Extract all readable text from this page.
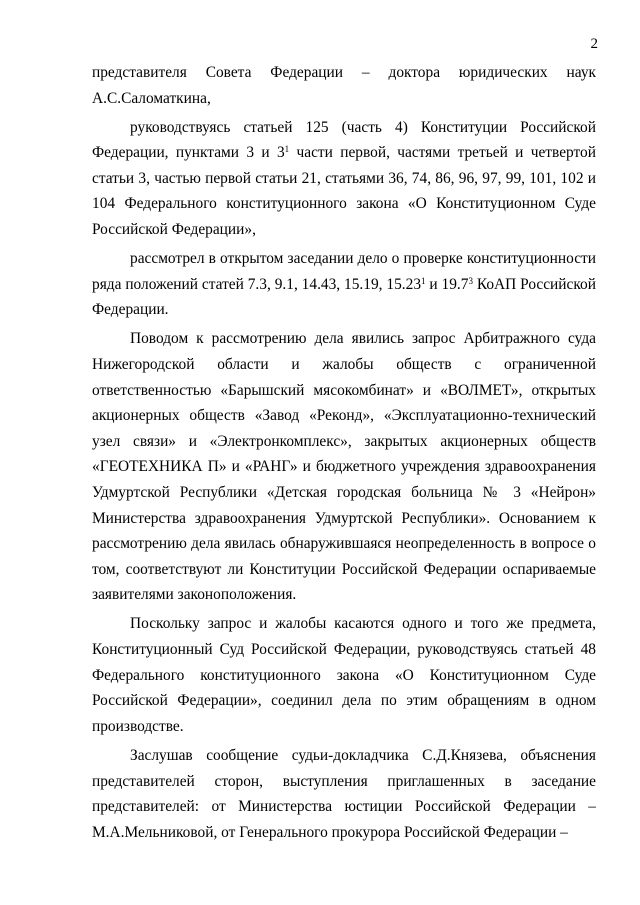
2

представителя Совета Федерации – доктора юридических наук А.С.Саломаткина,

руководствуясь статьей 125 (часть 4) Конституции Российской Федерации, пунктами 3 и $3^1$ части первой, частями третьей и четвертой статьи 3, частью первой статьи 21, статьями 36, 74, 86, 96, 97, 99, 101, 102 и 104 Федерального конституционного закона «О Конституционном Суде Российской Федерации»,

рассмотрел в открытом заседании дело о проверке конституционности ряда положений статей 7.3, 9.1, 14.43, 15.19, 15.23$^1$ и 19.7$^3$ КоАП Российской Федерации.

Поводом к рассмотрению дела явились запрос Арбитражного суда Нижегородской области и жалобы обществ с ограниченной ответственностью «Барышский мясокомбинат» и «ВОЛМЕТ», открытых акционерных обществ «Завод «Реконд», «Эксплуатационно-технический узел связи» и «Электронкомплекс», закрытых акционерных обществ «ГЕОТЕХНИКА П» и «РАНГ» и бюджетного учреждения здравоохранения Удмуртской Республики «Детская городская больница № 3 «Нейрон» Министерства здравоохранения Удмуртской Республики». Основанием к рассмотрению дела явилась обнаружившаяся неопределенность в вопросе о том, соответствуют ли Конституции Российской Федерации оспариваемые заявителями законоположения.

Поскольку запрос и жалобы касаются одного и того же предмета, Конституционный Суд Российской Федерации, руководствуясь статьей 48 Федерального конституционного закона «О Конституционном Суде Российской Федерации», соединил дела по этим обращениям в одном производстве.

Заслушав сообщение судьи-докладчика С.Д.Князева, объяснения представителей сторон, выступления приглашенных в заседание представителей: от Министерства юстиции Российской Федерации – М.А.Мельниковой, от Генерального прокурора Российской Федерации –
